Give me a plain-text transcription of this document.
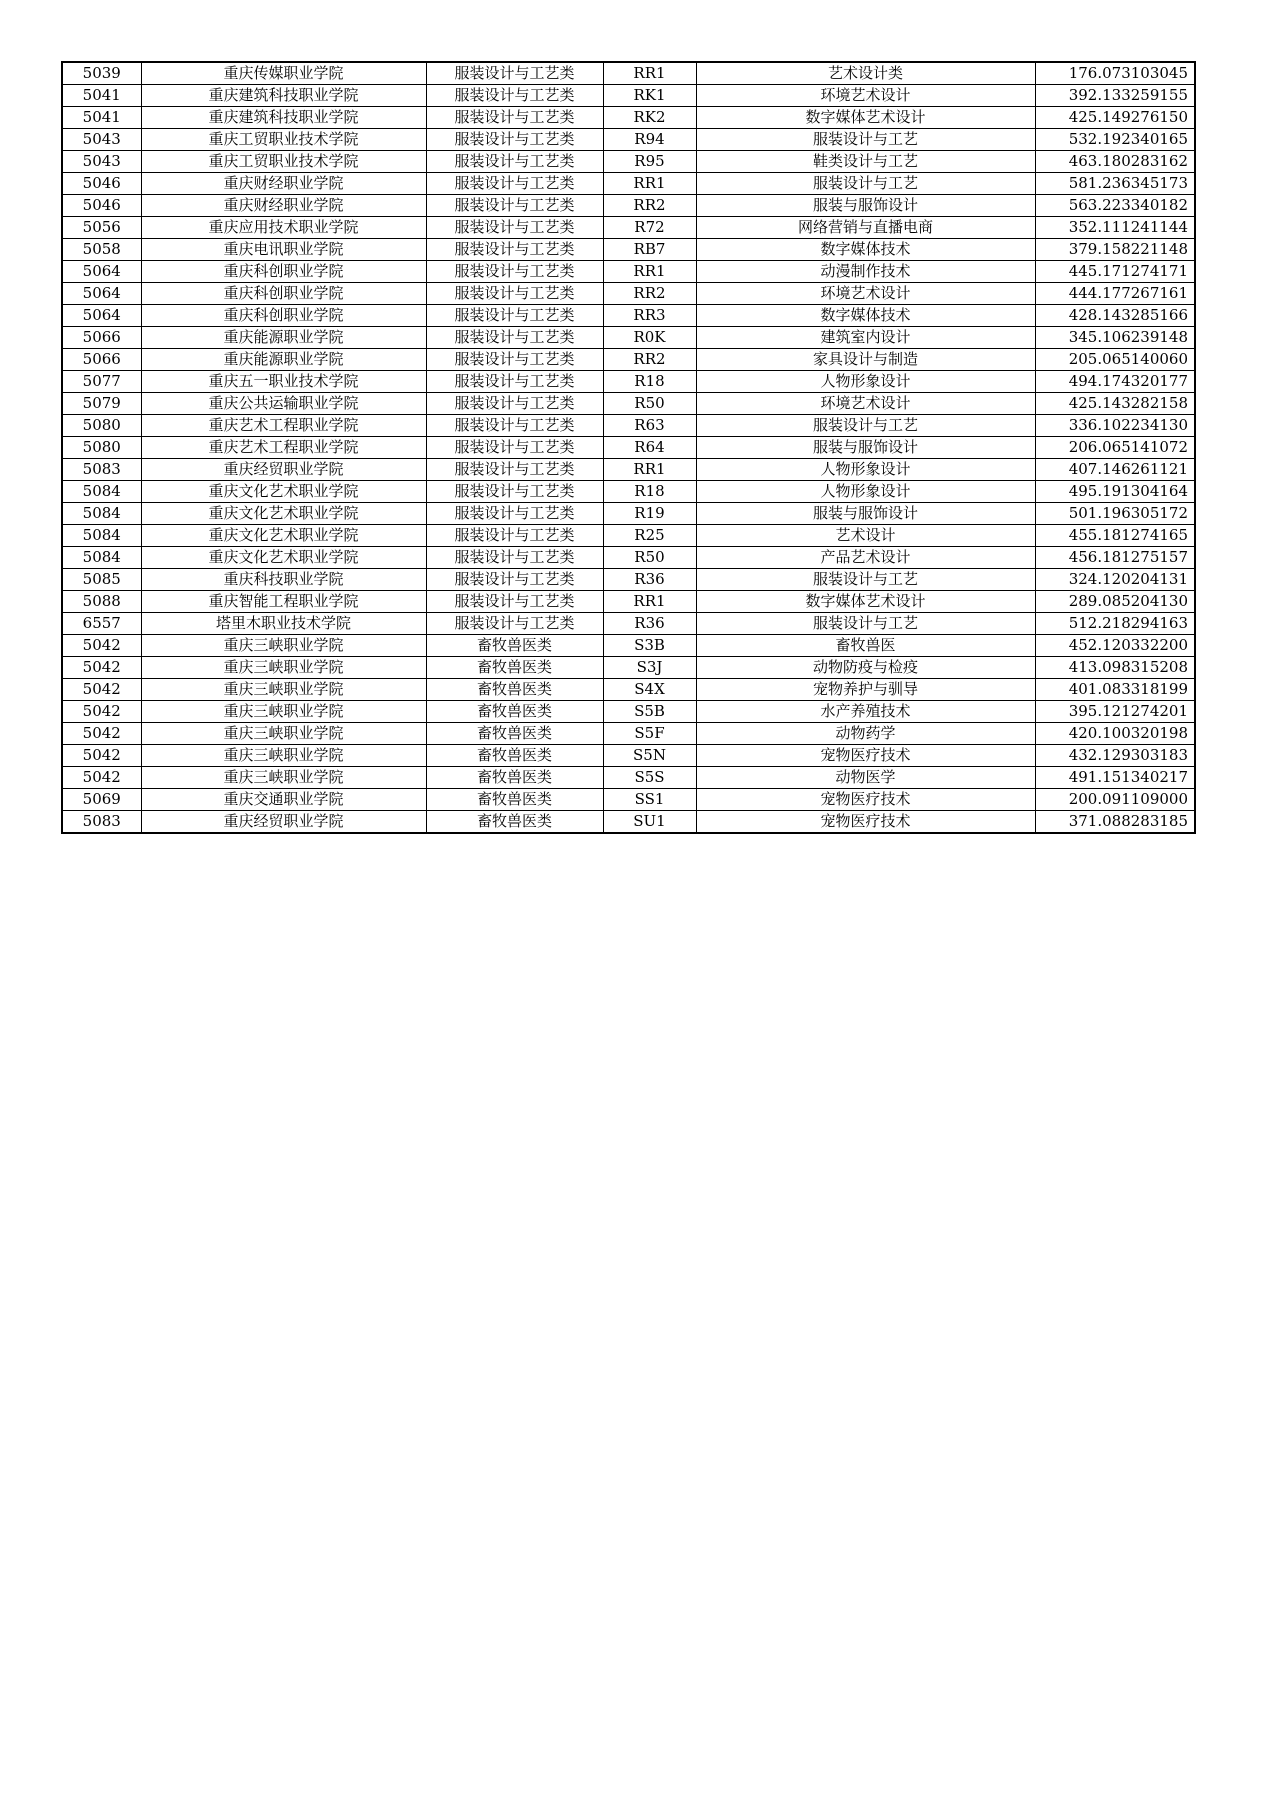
5039	重庆传媒职业学院	服装设计与工艺类	RR1	艺术设计类	176.073103045
5041	重庆建筑科技职业学院	服装设计与工艺类	RK1	环境艺术设计	392.133259155
5041	重庆建筑科技职业学院	服装设计与工艺类	RK2	数字媒体艺术设计	425.149276150
5043	重庆工贸职业技术学院	服装设计与工艺类	R94	服装设计与工艺	532.192340165
5043	重庆工贸职业技术学院	服装设计与工艺类	R95	鞋类设计与工艺	463.180283162
5046	重庆财经职业学院	服装设计与工艺类	RR1	服装设计与工艺	581.236345173
5046	重庆财经职业学院	服装设计与工艺类	RR2	服装与服饰设计	563.223340182
5056	重庆应用技术职业学院	服装设计与工艺类	R72	网络营销与直播电商	352.111241144
5058	重庆电讯职业学院	服装设计与工艺类	RB7	数字媒体技术	379.158221148
5064	重庆科创职业学院	服装设计与工艺类	RR1	动漫制作技术	445.171274171
5064	重庆科创职业学院	服装设计与工艺类	RR2	环境艺术设计	444.177267161
5064	重庆科创职业学院	服装设计与工艺类	RR3	数字媒体技术	428.143285166
5066	重庆能源职业学院	服装设计与工艺类	R0K	建筑室内设计	345.106239148
5066	重庆能源职业学院	服装设计与工艺类	RR2	家具设计与制造	205.065140060
5077	重庆五一职业技术学院	服装设计与工艺类	R18	人物形象设计	494.174320177
5079	重庆公共运输职业学院	服装设计与工艺类	R50	环境艺术设计	425.143282158
5080	重庆艺术工程职业学院	服装设计与工艺类	R63	服装设计与工艺	336.102234130
5080	重庆艺术工程职业学院	服装设计与工艺类	R64	服装与服饰设计	206.065141072
5083	重庆经贸职业学院	服装设计与工艺类	RR1	人物形象设计	407.146261121
5084	重庆文化艺术职业学院	服装设计与工艺类	R18	人物形象设计	495.191304164
5084	重庆文化艺术职业学院	服装设计与工艺类	R19	服装与服饰设计	501.196305172
5084	重庆文化艺术职业学院	服装设计与工艺类	R25	艺术设计	455.181274165
5084	重庆文化艺术职业学院	服装设计与工艺类	R50	产品艺术设计	456.181275157
5085	重庆科技职业学院	服装设计与工艺类	R36	服装设计与工艺	324.120204131
5088	重庆智能工程职业学院	服装设计与工艺类	RR1	数字媒体艺术设计	289.085204130
6557	塔里木职业技术学院	服装设计与工艺类	R36	服装设计与工艺	512.218294163
5042	重庆三峡职业学院	畜牧兽医类	S3B	畜牧兽医	452.120332200
5042	重庆三峡职业学院	畜牧兽医类	S3J	动物防疫与检疫	413.098315208
5042	重庆三峡职业学院	畜牧兽医类	S4X	宠物养护与驯导	401.083318199
5042	重庆三峡职业学院	畜牧兽医类	S5B	水产养殖技术	395.121274201
5042	重庆三峡职业学院	畜牧兽医类	S5F	动物药学	420.100320198
5042	重庆三峡职业学院	畜牧兽医类	S5N	宠物医疗技术	432.129303183
5042	重庆三峡职业学院	畜牧兽医类	S5S	动物医学	491.151340217
5069	重庆交通职业学院	畜牧兽医类	SS1	宠物医疗技术	200.091109000
5083	重庆经贸职业学院	畜牧兽医类	SU1	宠物医疗技术	371.088283185
